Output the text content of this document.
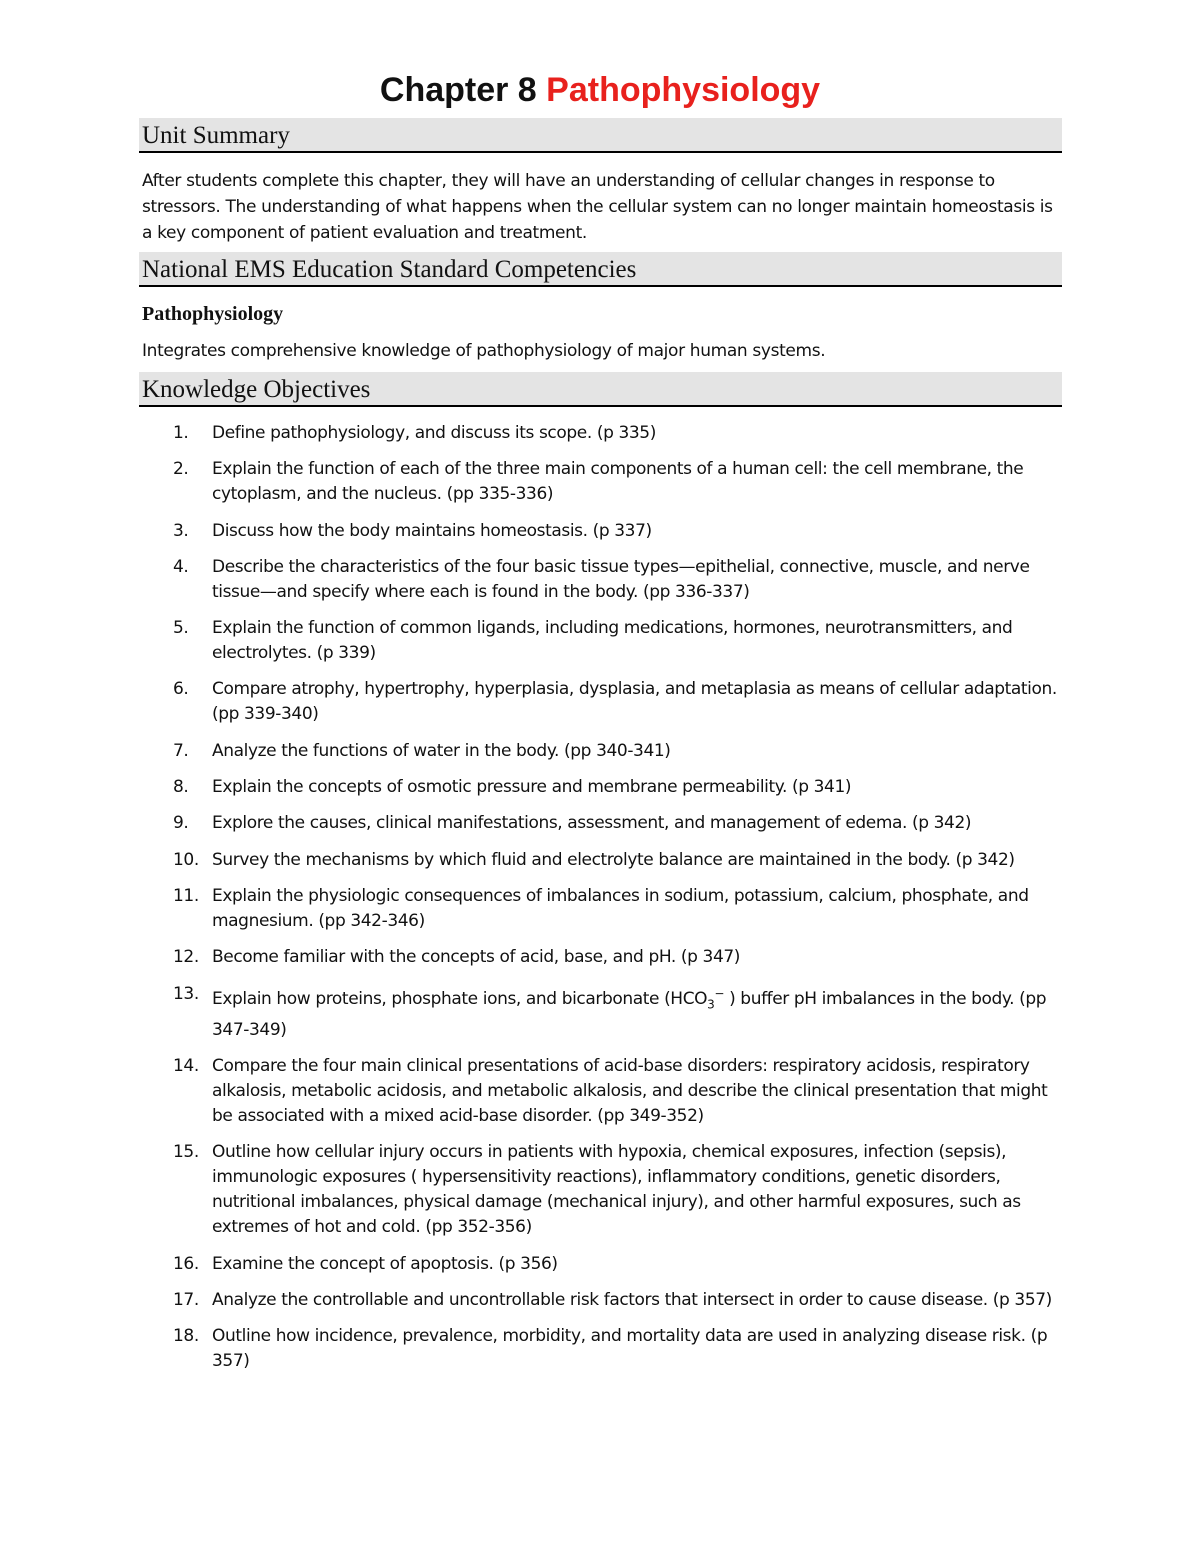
Chapter 8 Pathophysiology
Unit Summary
After students complete this chapter, they will have an understanding of cellular changes in response to stressors. The understanding of what happens when the cellular system can no longer maintain homeostasis is a key component of patient evaluation and treatment.
National EMS Education Standard Competencies
Pathophysiology
Integrates comprehensive knowledge of pathophysiology of major human systems.
Knowledge Objectives
1.	Define pathophysiology, and discuss its scope. (p 335)
2.	Explain the function of each of the three main components of a human cell: the cell membrane, the cytoplasm, and the nucleus. (pp 335-336)
3.	Discuss how the body maintains homeostasis. (p 337)
4.	Describe the characteristics of the four basic tissue types—epithelial, connective, muscle, and nerve tissue—and specify where each is found in the body. (pp 336-337)
5.	Explain the function of common ligands, including medications, hormones, neurotransmitters, and electrolytes. (p 339)
6.	Compare atrophy, hypertrophy, hyperplasia, dysplasia, and metaplasia as means of cellular adaptation. (pp 339-340)
7.	Analyze the functions of water in the body. (pp 340-341)
8.	Explain the concepts of osmotic pressure and membrane permeability. (p 341)
9.	Explore the causes, clinical manifestations, assessment, and management of edema. (p 342)
10. Survey the mechanisms by which fluid and electrolyte balance are maintained in the body. (p 342)
11. Explain the physiologic consequences of imbalances in sodium, potassium, calcium, phosphate, and magnesium. (pp 342-346)
12. Become familiar with the concepts of acid, base, and pH. (p 347)
13. Explain how proteins, phosphate ions, and bicarbonate ($HCO_3^-$ ) buffer pH imbalances in the body. (pp 347-349)
14. Compare the four main clinical presentations of acid-base disorders: respiratory acidosis, respiratory alkalosis, metabolic acidosis, and metabolic alkalosis, and describe the clinical presentation that might be associated with a mixed acid-base disorder. (pp 349-352)
15. Outline how cellular injury occurs in patients with hypoxia, chemical exposures, infection (sepsis), immunologic exposures ( hypersensitivity reactions), inflammatory conditions, genetic disorders, nutritional imbalances, physical damage (mechanical injury), and other harmful exposures, such as extremes of hot and cold. (pp 352-356)
16. Examine the concept of apoptosis. (p 356)
17. Analyze the controllable and uncontrollable risk factors that intersect in order to cause disease. (p 357)
18. Outline how incidence, prevalence, morbidity, and mortality data are used in analyzing disease risk. (p 357)
